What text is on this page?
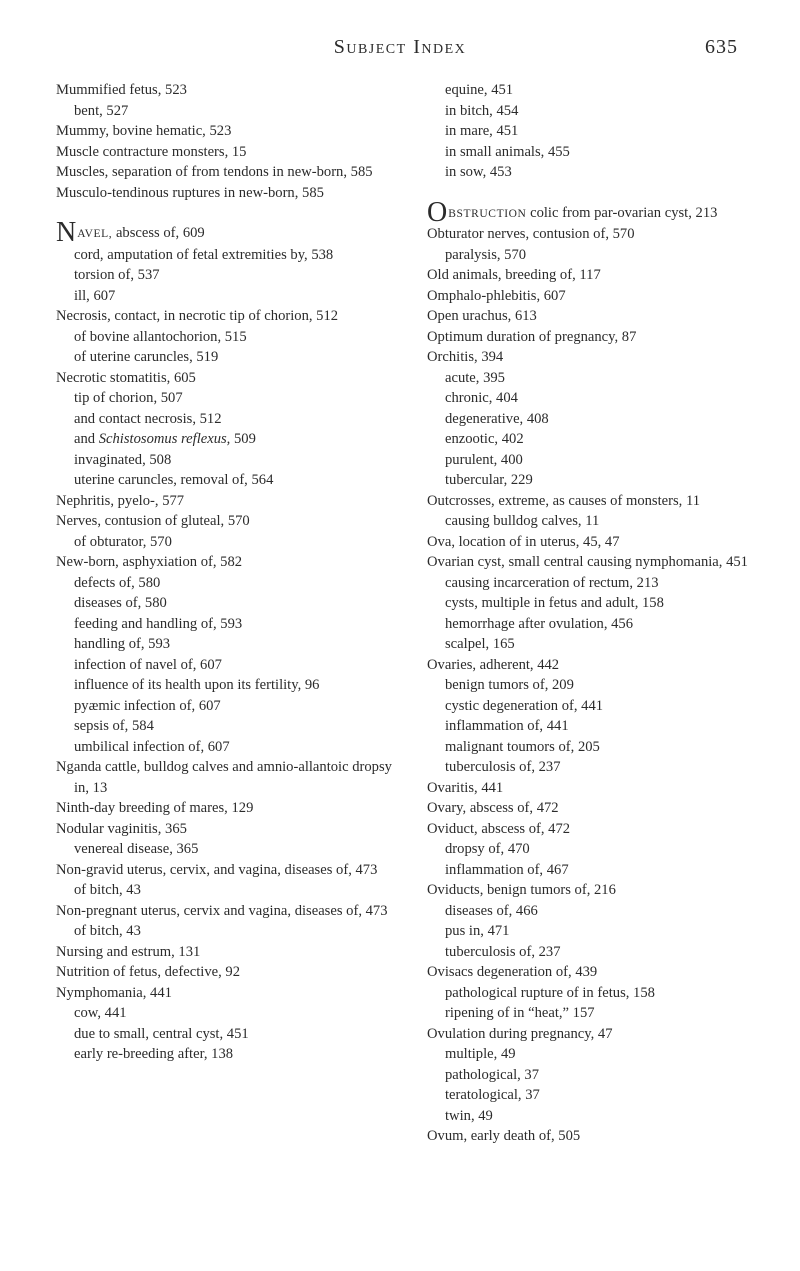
Subject Index	635
Mummified fetus, 523
bent, 527
Mummy, bovine hematic, 523
Muscle contracture monsters, 15
Muscles, separation of from tendons in new-born, 585
Musculo-tendinous ruptures in new-born, 585
NAVEL, abscess of, 609
cord, amputation of fetal extremities by, 538
torsion of, 537
ill, 607
Necrosis, contact, in necrotic tip of chorion, 512
of bovine allantochorion, 515
of uterine caruncles, 519
Necrotic stomatitis, 605
tip of chorion, 507
and contact necrosis, 512
and Schistosomus reflexus, 509
invaginated, 508
uterine caruncles, removal of, 564
Nephritis, pyelo-, 577
Nerves, contusion of gluteal, 570
of obturator, 570
New-born, asphyxiation of, 582
defects of, 580
diseases of, 580
feeding and handling of, 593
handling of, 593
infection of navel of, 607
influence of its health upon its fertility, 96
pyæmic infection of, 607
sepsis of, 584
umbilical infection of, 607
Nganda cattle, bulldog calves and amnio-allantoic dropsy in, 13
Ninth-day breeding of mares, 129
Nodular vaginitis, 365
venereal disease, 365
Non-gravid uterus, cervix, and vagina, diseases of, 473
of bitch, 43
Non-pregnant uterus, cervix and vagina, diseases of, 473
of bitch, 43
Nursing and estrum, 131
Nutrition of fetus, defective, 92
Nymphomania, 441
cow, 441
due to small, central cyst, 451
early re-breeding after, 138
equine, 451
in bitch, 454
in mare, 451
in small animals, 455
in sow, 453
OBSTRUCTION colic from par-ovarian cyst, 213
Obturator nerves, contusion of, 570
paralysis, 570
Old animals, breeding of, 117
Omphalo-phlebitis, 607
Open urachus, 613
Optimum duration of pregnancy, 87
Orchitis, 394
acute, 395
chronic, 404
degenerative, 408
enzootic, 402
purulent, 400
tubercular, 229
Outcrosses, extreme, as causes of monsters, 11
causing bulldog calves, 11
Ova, location of in uterus, 45, 47
Ovarian cyst, small central causing nymphomania, 451
causing incarceration of rectum, 213
cysts, multiple in fetus and adult, 158
hemorrhage after ovulation, 456
scalpel, 165
Ovaries, adherent, 442
benign tumors of, 209
cystic degeneration of, 441
inflammation of, 441
malignant toumors of, 205
tuberculosis of, 237
Ovaritis, 441
Ovary, abscess of, 472
Oviduct, abscess of, 472
dropsy of, 470
inflammation of, 467
Oviducts, benign tumors of, 216
diseases of, 466
pus in, 471
tuberculosis of, 237
Ovisacs degeneration of, 439
pathological rupture of in fetus, 158
ripening of in “heat,” 157
Ovulation during pregnancy, 47
multiple, 49
pathological, 37
teratological, 37
twin, 49
Ovum, early death of, 505
